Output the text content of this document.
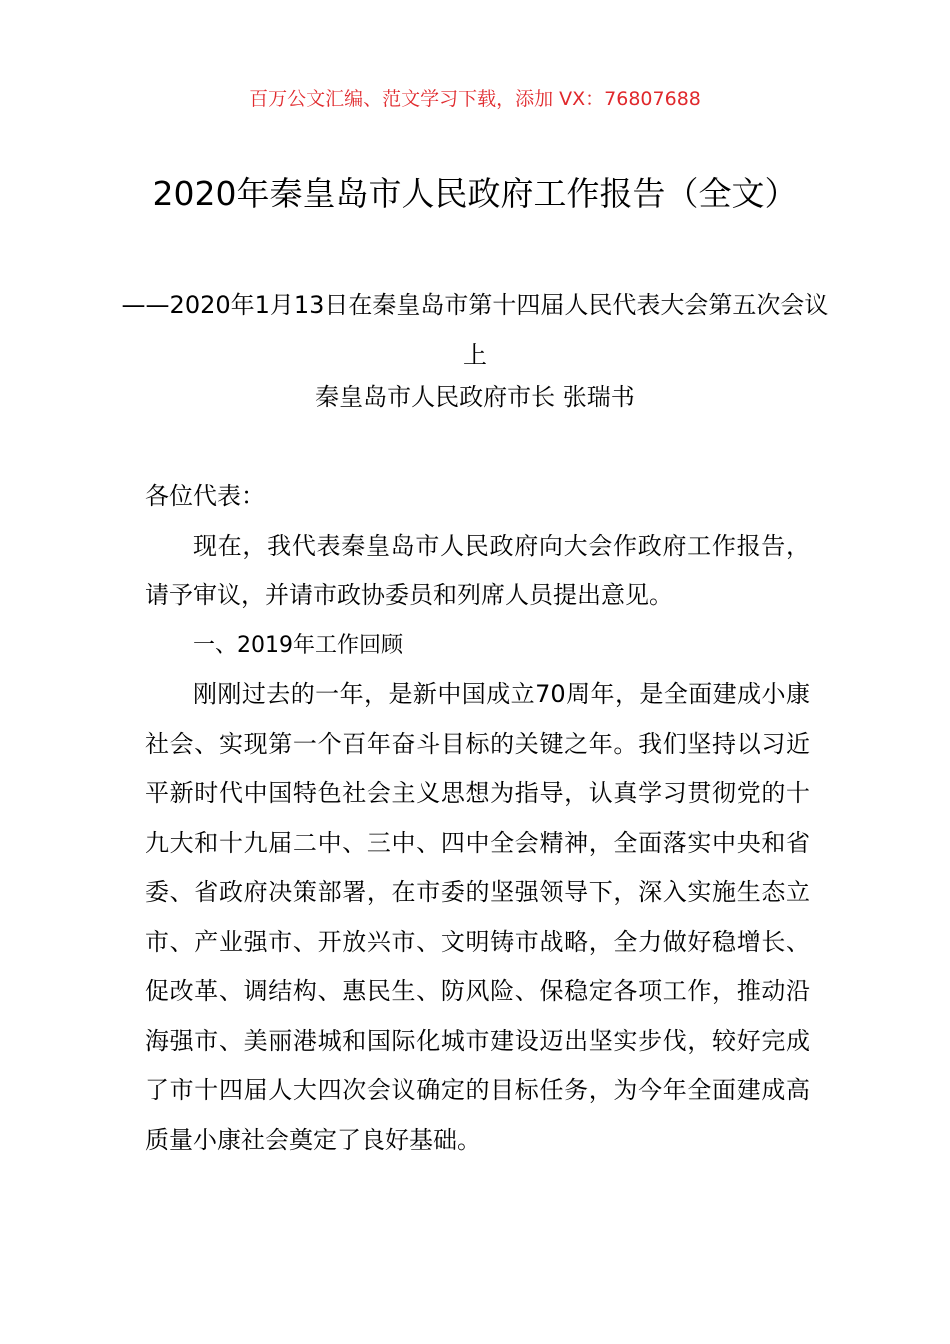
百万公文汇编、范文学习下载，添加 VX：76807688
2020年秦皇岛市人民政府工作报告（全文）
——2020年1月13日在秦皇岛市第十四届人民代表大会第五次会议上
秦皇岛市人民政府市长 张瑞书

各位代表：

现在，我代表秦皇岛市人民政府向大会作政府工作报告，请予审议，并请市政协委员和列席人员提出意见。

一、2019年工作回顾

刚刚过去的一年，是新中国成立70周年，是全面建成小康社会、实现第一个百年奋斗目标的关键之年。我们坚持以习近平新时代中国特色社会主义思想为指导，认真学习贯彻党的十九大和十九届二中、三中、四中全会精神，全面落实中央和省委、省政府决策部署，在市委的坚强领导下，深入实施生态立市、产业强市、开放兴市、文明铸市战略，全力做好稳增长、促改革、调结构、惠民生、防风险、保稳定各项工作，推动沿海强市、美丽港城和国际化城市建设迈出坚实步伐，较好完成了市十四届人大四次会议确定的目标任务，为今年全面建成高质量小康社会奠定了良好基础。
